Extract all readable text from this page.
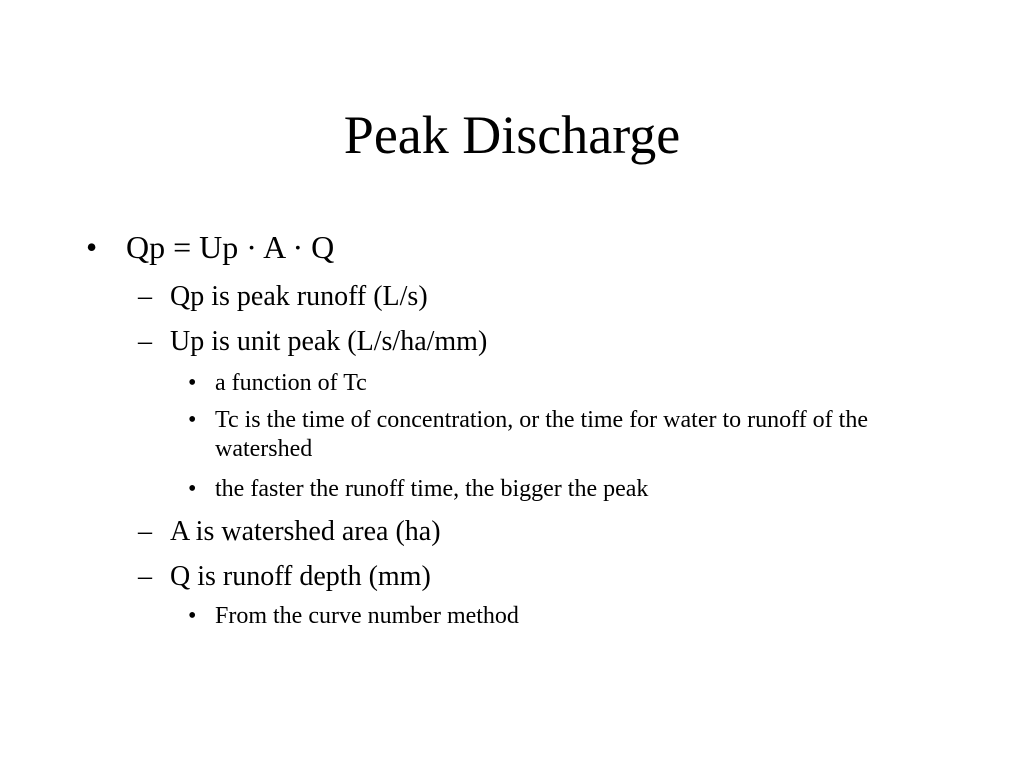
Peak Discharge
• Qp = Up · A · Q
– Qp is peak runoff (L/s)
– Up is unit peak (L/s/ha/mm)
• a function of Tc
• Tc is the time of concentration, or the time for water to runoff of the watershed
• the faster the runoff time, the bigger the peak
– A is watershed area (ha)
– Q is runoff depth (mm)
• From the curve number method
